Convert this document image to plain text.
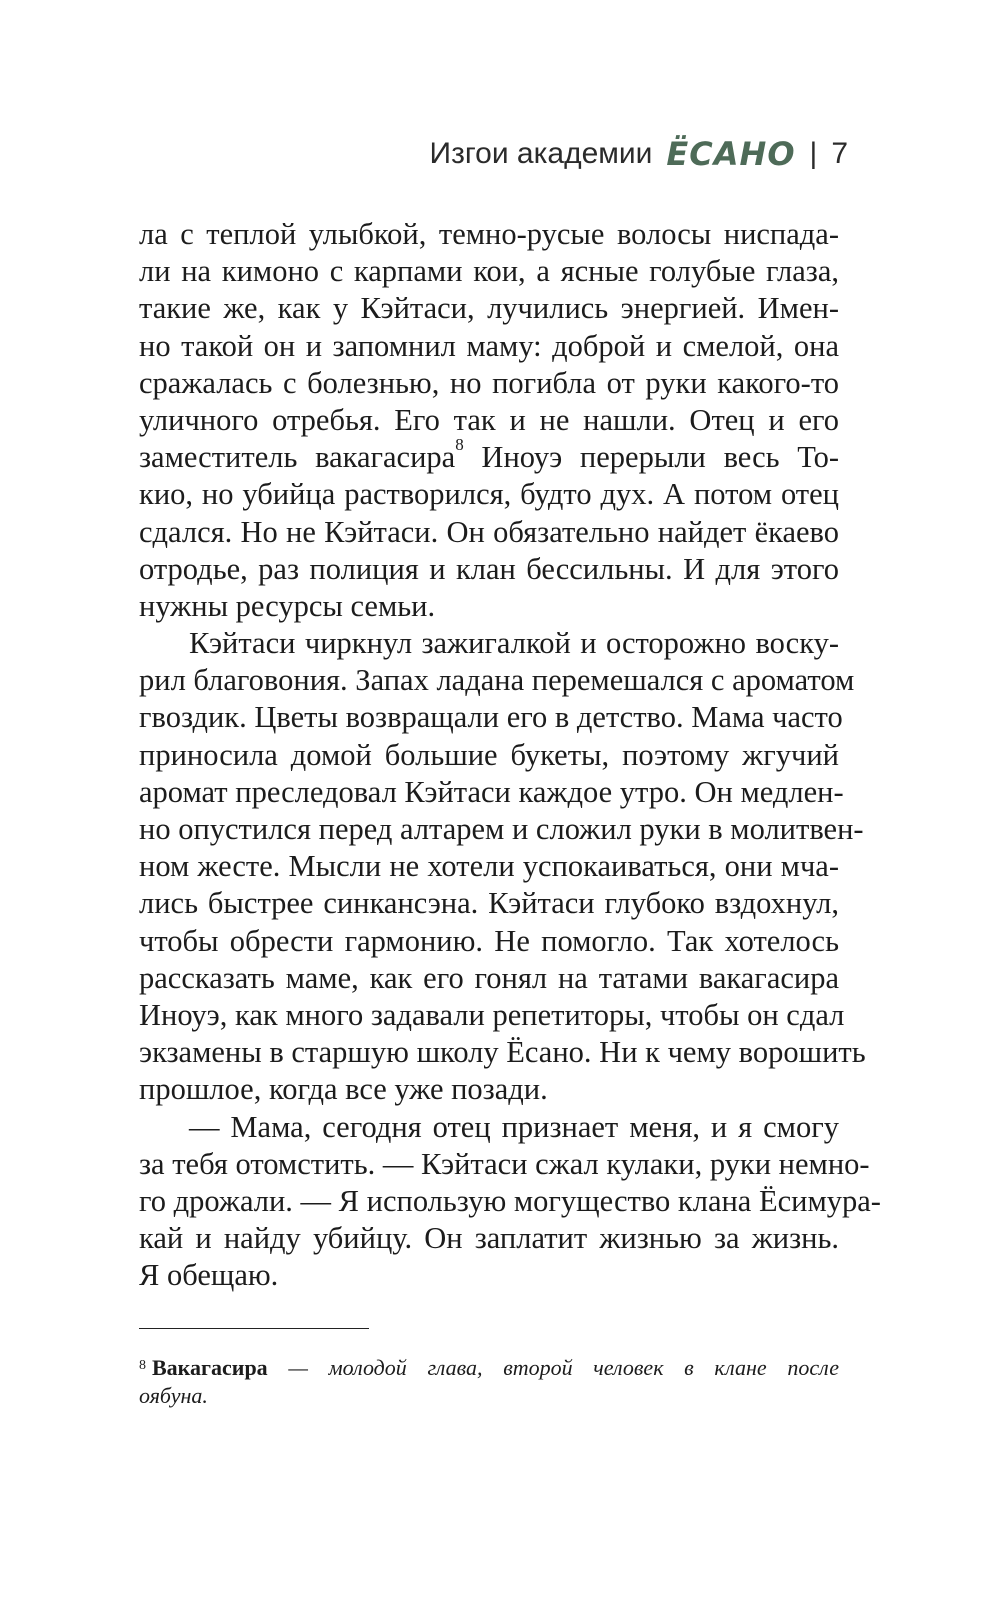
Изгои академии ЁСАНО | 7
ла с теплой улыбкой, темно-русые волосы ниспада-
ли на кимоно с карпами кои, а ясные голубые глаза,
такие же, как у Кэйтаси, лучились энергией. Имен-
но такой он и запомнил маму: доброй и смелой, она
сражалась с болезнью, но погибла от руки какого-то
уличного отребья. Его так и не нашли. Отец и его
заместитель вакагасира$^8$ Иноуэ перерыли весь То-
кио, но убийца растворился, будто дух. А потом отец
сдался. Но не Кэйтаси. Он обязательно найдет ёкаево
отродье, раз полиция и клан бессильны. И для этого
нужны ресурсы семьи.
Кэйтаси чиркнул зажигалкой и осторожно воску-
рил благовония. Запах ладана перемешался с ароматом
гвоздик. Цветы возвращали его в детство. Мама часто
приносила домой большие букеты, поэтому жгучий
аромат преследовал Кэйтаси каждое утро. Он медлен-
но опустился перед алтарем и сложил руки в молитвен-
ном жесте. Мысли не хотели успокаиваться, они мча-
лись быстрее синкансэна. Кэйтаси глубоко вздохнул,
чтобы обрести гармонию. Не помогло. Так хотелось
рассказать маме, как его гонял на татами вакагасира
Иноуэ, как много задавали репетиторы, чтобы он сдал
экзамены в старшую школу Ёсано. Ни к чему ворошить
прошлое, когда все уже позади.
— Мама, сегодня отец признает меня, и я смогу
за тебя отомстить. — Кэйтаси сжал кулаки, руки немно-
го дрожали. — Я использую могущество клана Ёсимура-
кай и найду убийцу. Он заплатит жизнью за жизнь.
Я обещаю.
$^8$ Вакагасира — молодой глава, второй человек в клане после
оябуна.
